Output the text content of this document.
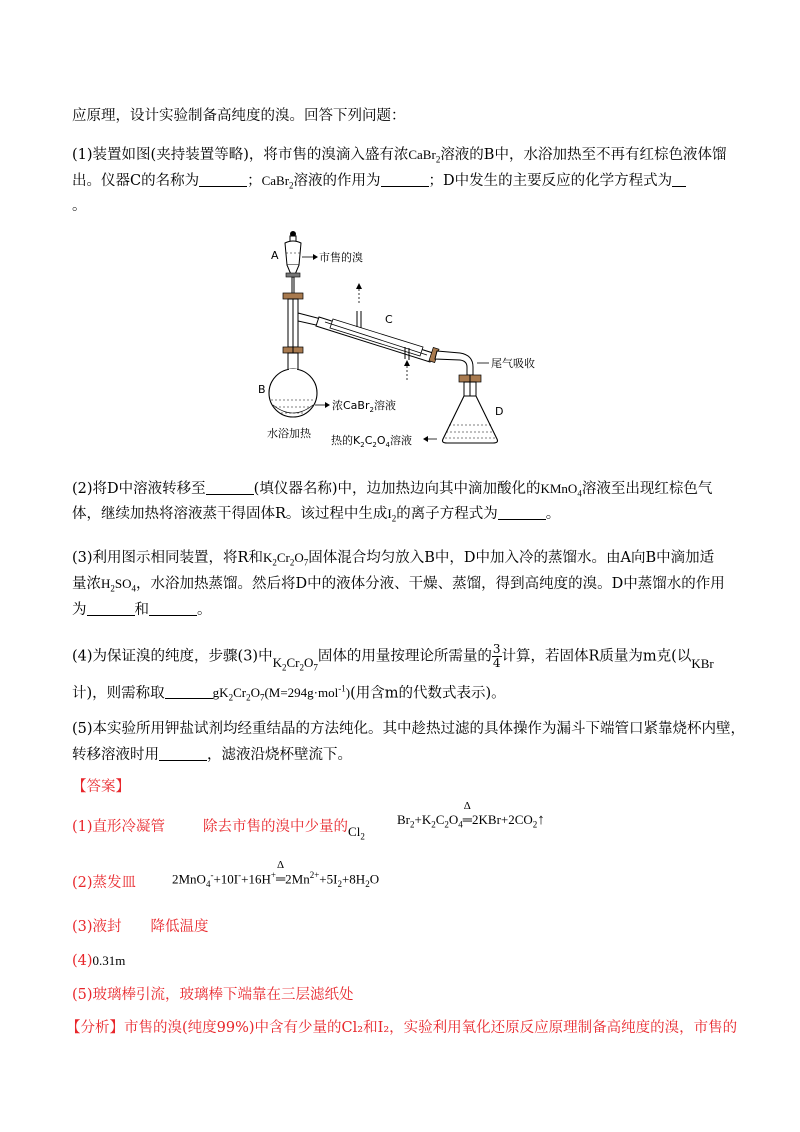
应原理，设计实验制备高纯度的溴。回答下列问题：
(1)装置如图(夹持装置等略)，将市售的溴滴入盛有浓CaBr$_2$溶液的B中，水浴加热至不再有红棕色液体馏
出。仪器C的名称为	；CaBr$_2$溶液的作用为	；D中发生的主要反应的化学方程式为
。
A	市售的溴
B
浓CaBr$_2$溶液
水浴加热
C
尾气吸收
D
热的$K_2C_2O_4$溶液
(2)将D中溶液转移至	(填仪器名称)中，边加热边向其中滴加酸化的KMnO$_4$溶液至出现红棕色气
体，继续加热将溶液蒸干得固体R。该过程中生成$I_2$的离子方程式为	。
(3)利用图示相同装置，将R和$K_2Cr_2O_7$固体混合均匀放入B中，D中加入冷的蒸馏水。由A向B中滴加适
量浓$H_2SO_4$，水浴加热蒸馏。然后将D中的液体分液、干燥、蒸馏，得到高纯度的溴。D中蒸馏水的作用
为	和	。
(4)为保证溴的纯度，步骤(3)中$K_2Cr_2O_7$固体的用量按理论所需量的 $\frac{3}{4}$ 计算，若固体R质量为m克(以KBr
计)，则需称取	$gK_2Cr_2O_7(M=294g\cdot mol^{-1})$(用含m的代数式表示)。
(5)本实验所用钾盐试剂均经重结晶的方法纯化。其中趁热过滤的具体操作为漏斗下端管口紧靠烧杯内壁，
转移溶液时用	，滤液沿烧杯壁流下。
【答案】
(1)直形冷凝管	除去市售的溴中少量的$Cl_2$
$Br_2+K_2C_2O_4$
Δ
$═2KBr+2CO_2↑$
(2)蒸发皿	2MnO$_4$-+10I-+16H+
Δ
$═2Mn^{2+}+5I_2+8H_2O$
(3)液封　　降低温度
(4)0.31m
(5)玻璃棒引流，玻璃棒下端靠在三层滤纸处
【分析】市售的溴(纯度99%)中含有少量的Cl₂和I₂，实验利用氧化还原反应原理制备高纯度的溴，市售的
